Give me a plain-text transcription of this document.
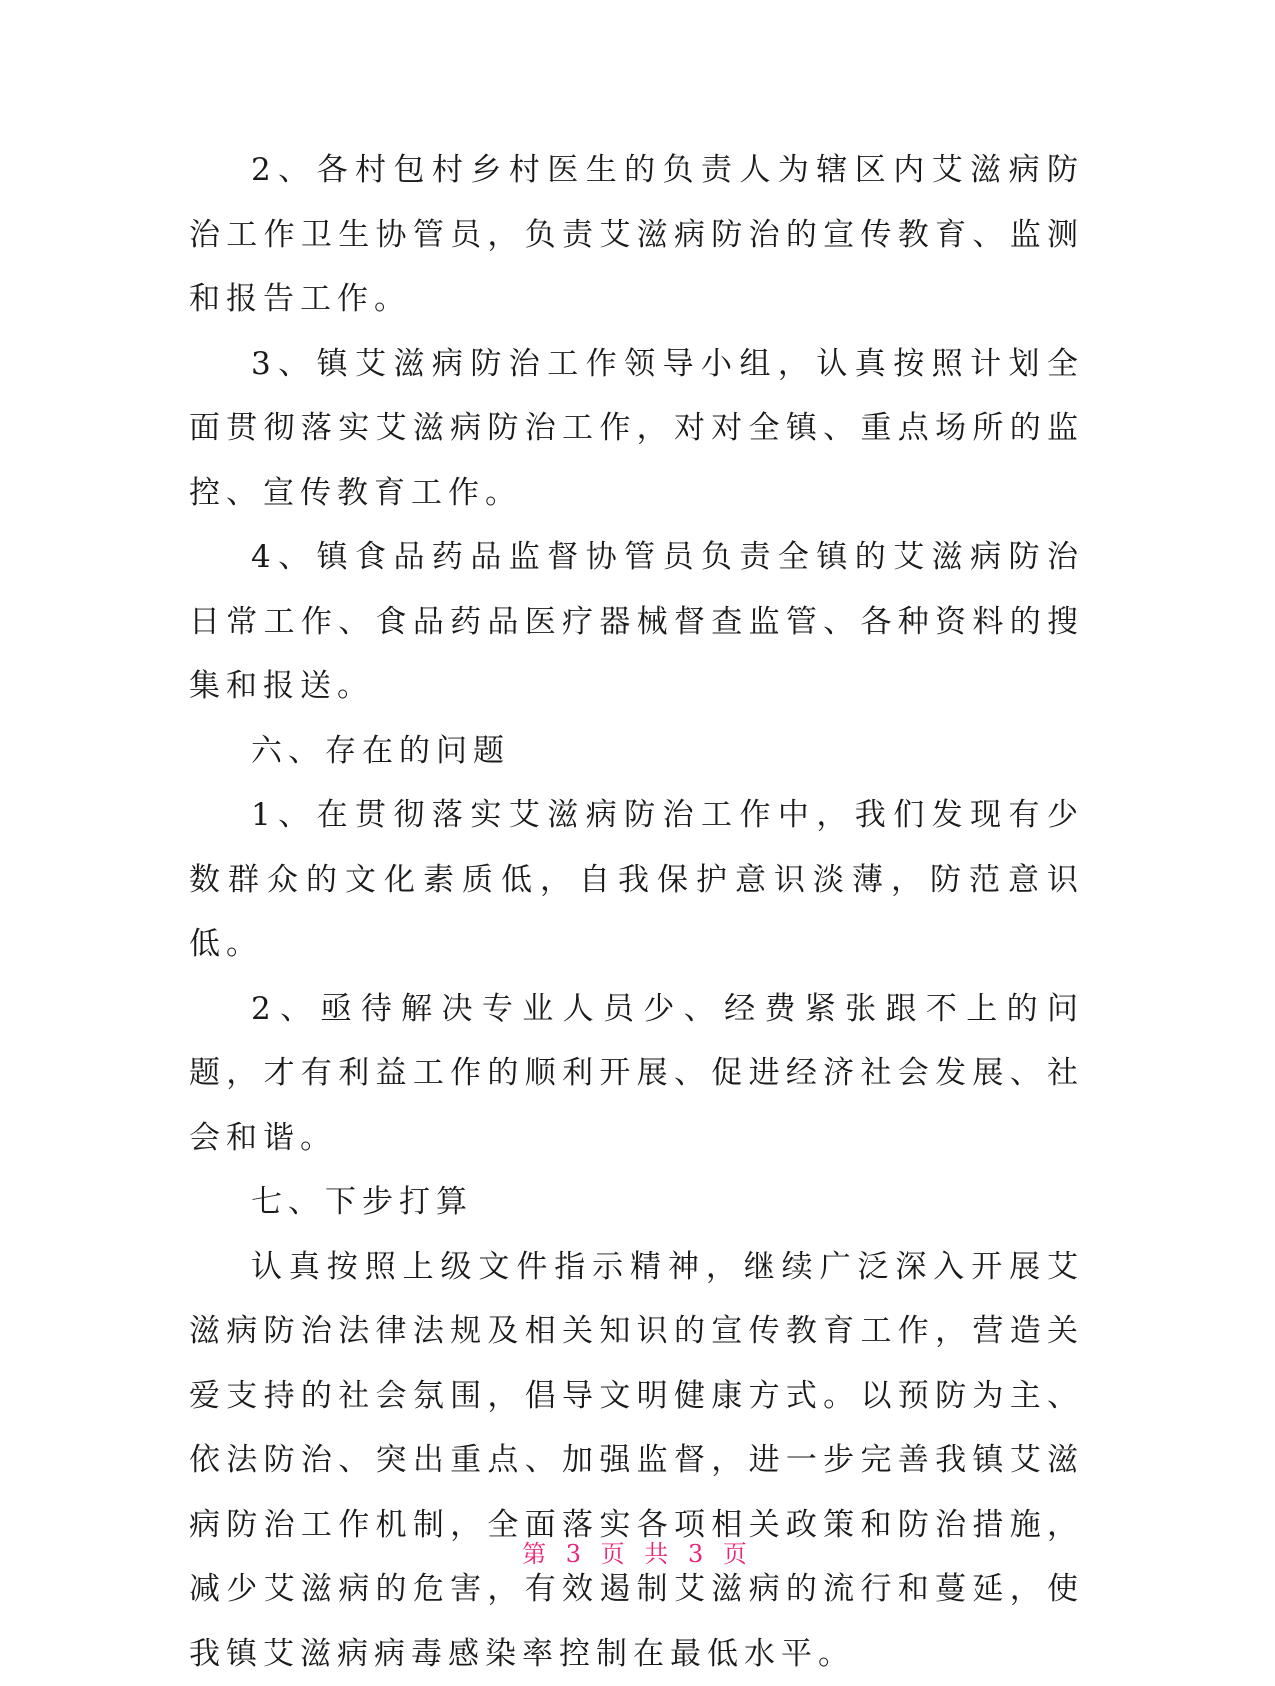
2、各村包村乡村医生的负责人为辖区内艾滋病防治工作卫生协管员，负责艾滋病防治的宣传教育、监测和报告工作。

3、镇艾滋病防治工作领导小组，认真按照计划全面贯彻落实艾滋病防治工作，对对全镇、重点场所的监控、宣传教育工作。

4、镇食品药品监督协管员负责全镇的艾滋病防治日常工作、食品药品医疗器械督查监管、各种资料的搜集和报送。

六、存在的问题

1、在贯彻落实艾滋病防治工作中，我们发现有少数群众的文化素质低，自我保护意识淡薄，防范意识低。

2、亟待解决专业人员少、经费紧张跟不上的问题，才有利益工作的顺利开展、促进经济社会发展、社会和谐。

七、下步打算

认真按照上级文件指示精神，继续广泛深入开展艾滋病防治法律法规及相关知识的宣传教育工作，营造关爱支持的社会氛围，倡导文明健康方式。以预防为主、依法防治、突出重点、加强监督，进一步完善我镇艾滋病防治工作机制，全面落实各项相关政策和防治措施，减少艾滋病的危害，有效遏制艾滋病的流行和蔓延，使我镇艾滋病病毒感染率控制在最低水平。

第 3 页 共 3 页
